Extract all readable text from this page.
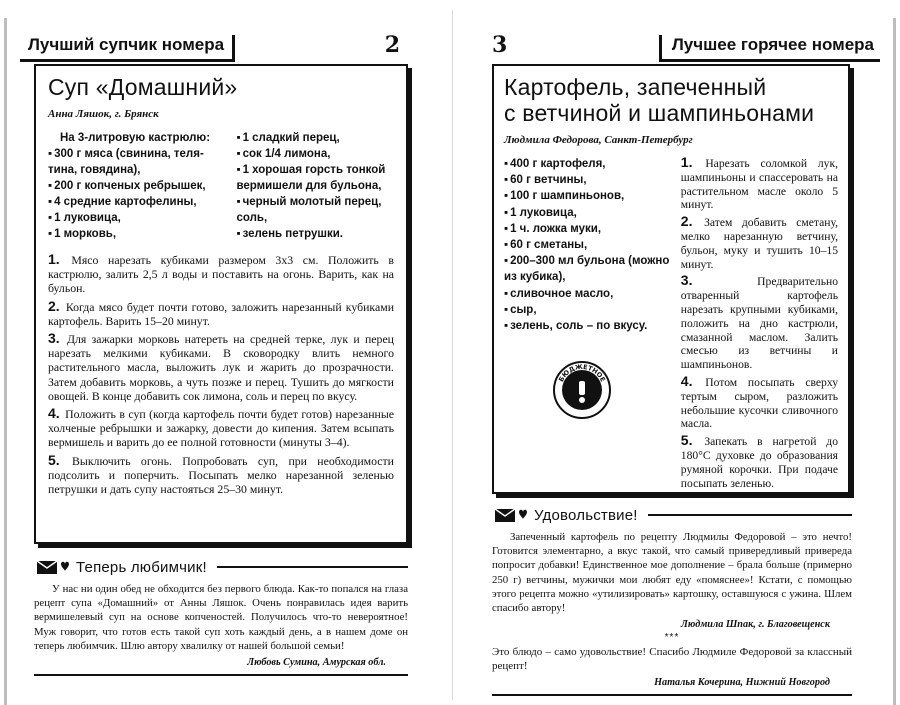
Лучший супчик номера	2
Суп «Домашний»
Анна Ляшок, г. Брянск
На 3-литровую кастрюлю:
▪ 300 г мяса (свинина, теля-тина, говядина),
▪ 200 г копченых ребрышек,
▪ 4 средние картофелины,
▪ 1 луковица,
▪ 1 морковь,
▪ 1 сладкий перец,
▪ сок 1/4 лимона,
▪ 1 хорошая горсть тонкой вермишели для бульона,
▪ черный молотый перец, соль,
▪ зелень петрушки.

1. Мясо нарезать кубиками размером 3х3 см. Положить в кастрюлю, залить 2,5 л воды и поставить на огонь. Варить, как на бульон.

2. Когда мясо будет почти готово, заложить нарезанный кубиками картофель. Варить 15–20 минут.

3. Для зажарки морковь натереть на средней терке, лук и перец нарезать мелкими кубиками. В сковородку влить немного растительного масла, выложить лук и жарить до прозрачности. Затем добавить морковь, а чуть позже и перец. Тушить до мягкости овощей. В конце добавить сок лимона, соль и перец по вкусу.

4. Положить в суп (когда картофель почти будет готов) нарезанные холченые ребрышки и зажарку, довести до кипения. Затем всыпать вермишель и варить до ее полной готовности (минуты 3–4).

5. Выключить огонь. Попробовать суп, при необходимости подсолить и поперчить. Посыпать мелко нарезанной зеленью петрушки и дать супу настояться 25–30 минут.

Теперь любимчик!

У нас ни один обед не обходится без первого блюда. Как-то попался на глаза рецепт супа «Домашний» от Анны Ляшок. Очень понравилась идея варить вермишелевый суп на основе копченостей. Получилось что-то невероятное! Муж говорит, что готов есть такой суп хоть каждый день, а в нашем доме он теперь любимчик. Шлю автору хвалилку от нашей большой семьи!

Любовь Сумина, Амурская обл.
3	Лучшее горячее номера
Картофель, запеченный
с ветчиной и шампиньонами
Людмила Федорова, Санкт-Петербург
▪ 400 г картофеля,
▪ 60 г ветчины,
▪ 100 г шампиньонов,
▪ 1 луковица,
▪ 1 ч. ложка муки,
▪ 60 г сметаны,
▪ 200–300 мл бульона (можно из кубика),
▪ сливочное масло,
▪ сыр,
▪ зелень, соль – по вкусу.
БЮДЖЕТНОЕ

1. Нарезать соломкой лук, шампиньоны и спассеровать на растительном масле около 5 минут.

2. Затем добавить сметану, мелко нарезанную ветчину, бульон, муку и тушить 10–15 минут.

3.	Предварительно отваренный картофель нарезать крупными кубиками, положить на дно кастрюли, смазанной маслом. Залить смесью из ветчины и шампиньонов.

4. Потом посыпать сверху тертым сыром, разложить небольшие кусочки сливочного масла.

5. Запекать в нагретой до 180°С духовке до образования румяной корочки. При подаче посыпать зеленью.

Удовольствие!

Запеченный картофель по рецепту Людмилы Федоровой – это нечто! Готовится элементарно, а вкус такой, что самый привередливый привереда попросит добавки! Единственное мое дополнение – брала больше (примерно 250 г) ветчины, мужички мои любят еду «помяснее»! Кстати, с помощью этого рецепта можно «утилизировать» картошку, оставшуюся с ужина. Шлем спасибо автору!

Людмила Шпак, г. Благовещенск
***

Это блюдо – само удовольствие! Спасибо Людмиле Федоровой за классный рецепт!

Наталья Кочерина, Нижний Новгород
